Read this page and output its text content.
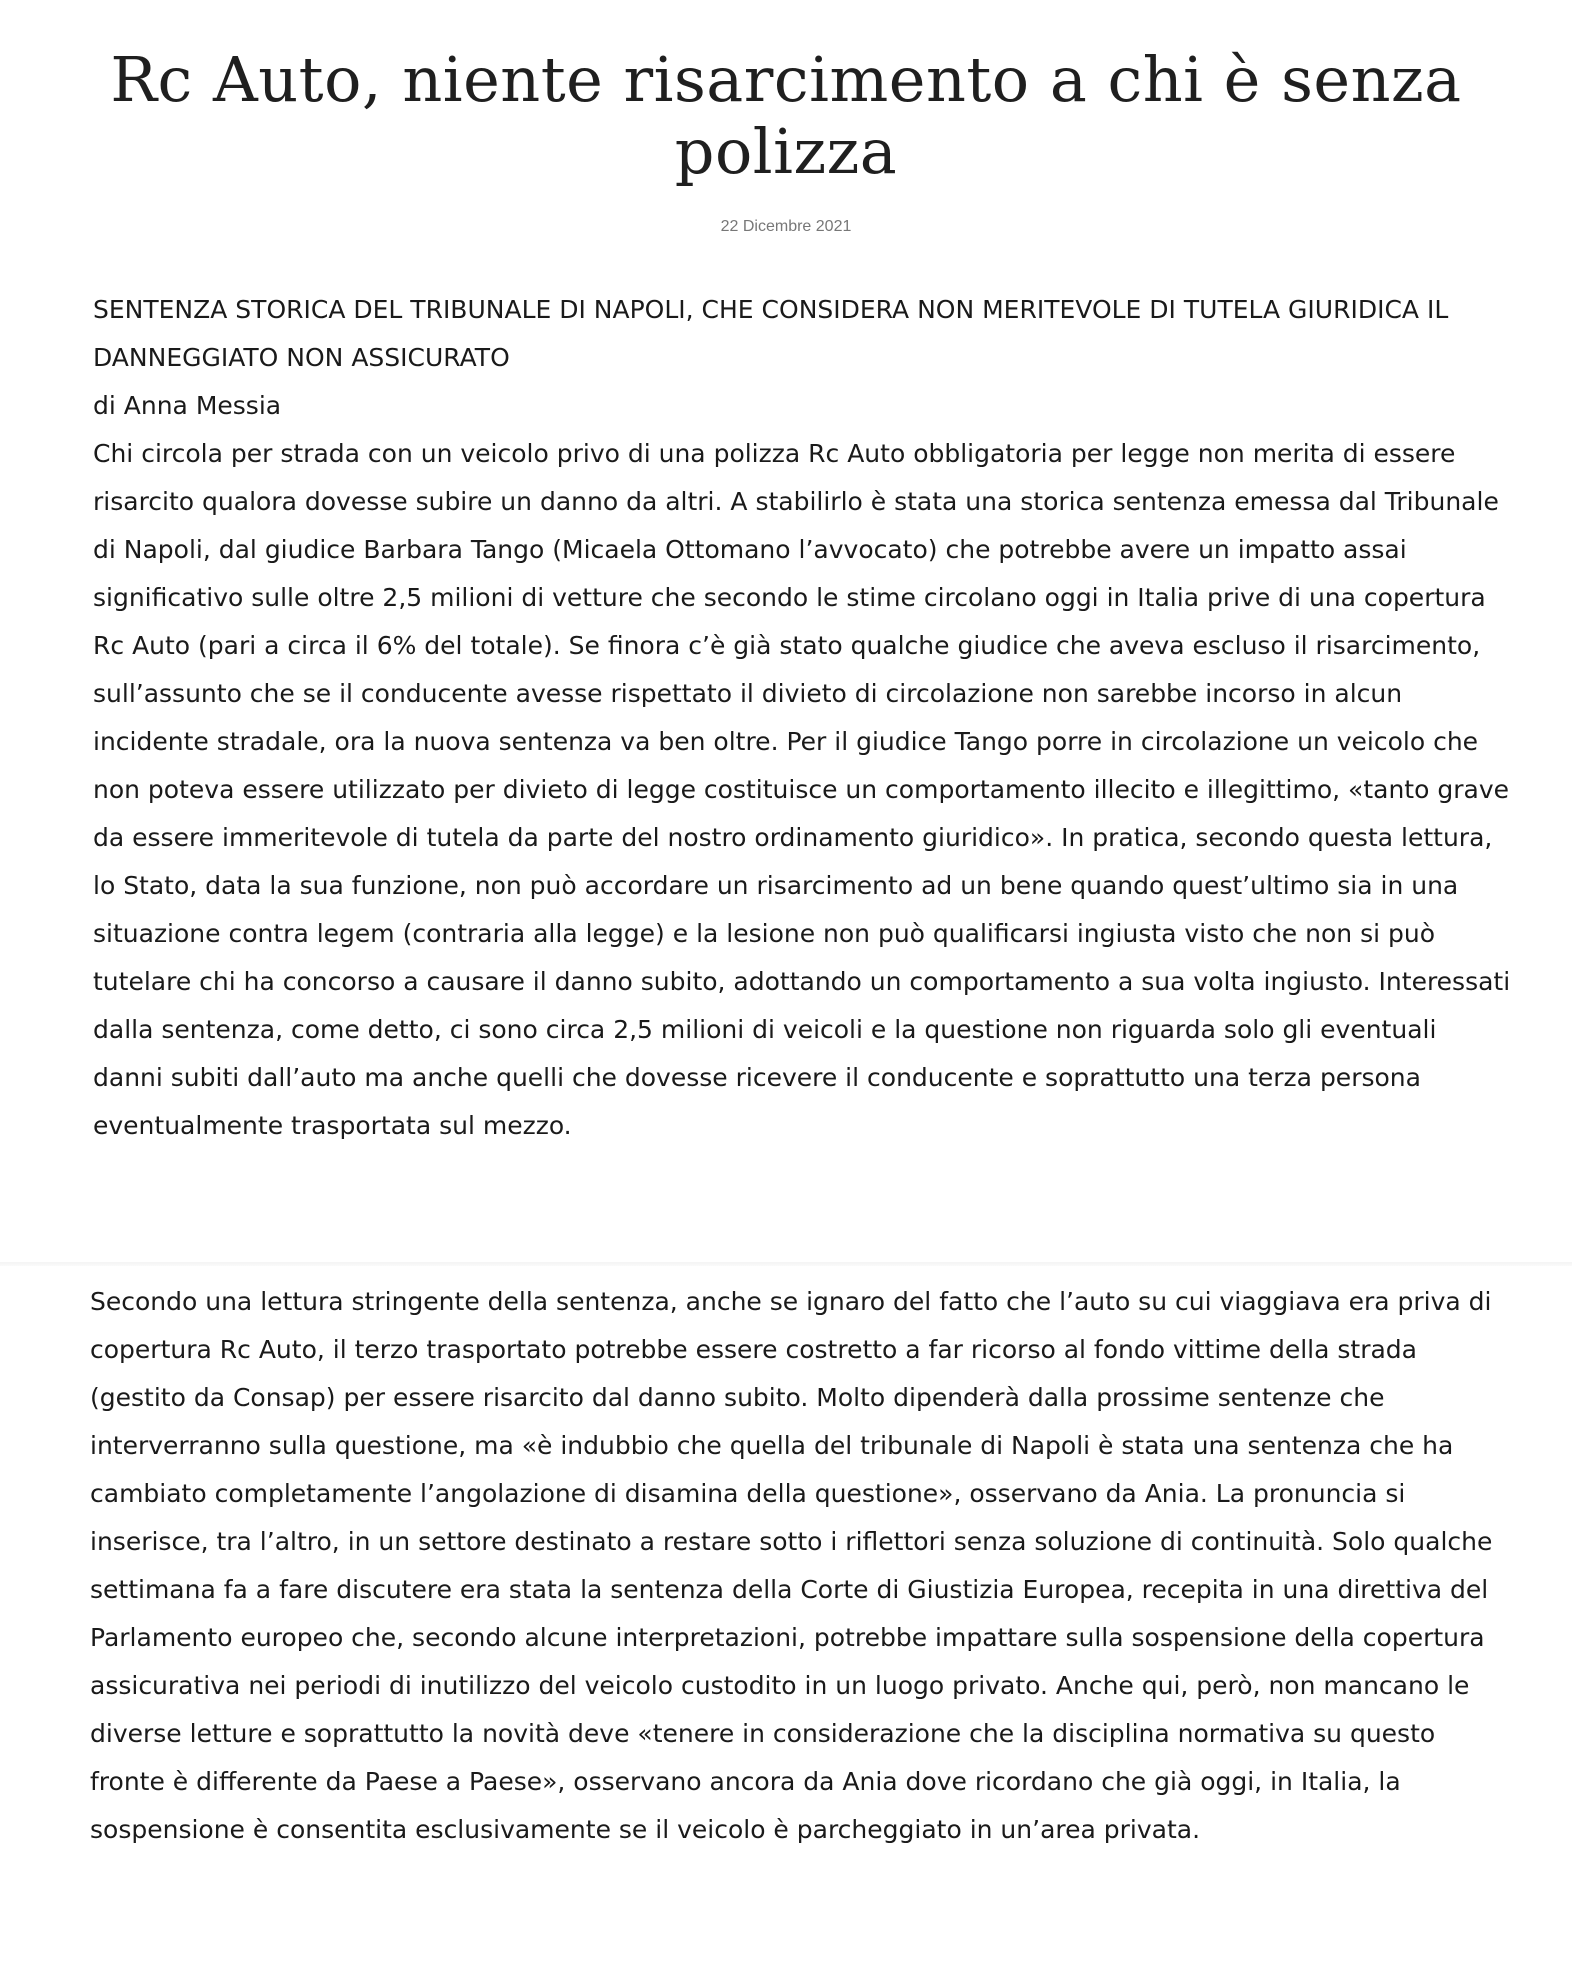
Rc Auto, niente risarcimento a chi è senza polizza
22 Dicembre 2021

SENTENZA STORICA DEL TRIBUNALE DI NAPOLI, CHE CONSIDERA NON MERITEVOLE DI TUTELA GIURIDICA IL DANNEGGIATO NON ASSICURATO

di Anna Messia

Chi circola per strada con un veicolo privo di una polizza Rc Auto obbligatoria per legge non merita di essere risarcito qualora dovesse subire un danno da altri. A stabilirlo è stata una storica sentenza emessa dal Tribunale di Napoli, dal giudice Barbara Tango (Micaela Ottomano l’avvocato) che potrebbe avere un impatto assai significativo sulle oltre 2,5 milioni di vetture che secondo le stime circolano oggi in Italia prive di una copertura Rc Auto (pari a circa il 6% del totale). Se finora c’è già stato qualche giudice che aveva escluso il risarcimento, sull’assunto che se il conducente avesse rispettato il divieto di circolazione non sarebbe incorso in alcun incidente stradale, ora la nuova sentenza va ben oltre. Per il giudice Tango porre in circolazione un veicolo che non poteva essere utilizzato per divieto di legge costituisce un comportamento illecito e illegittimo, «tanto grave da essere immeritevole di tutela da parte del nostro ordinamento giuridico». In pratica, secondo questa lettura, lo Stato, data la sua funzione, non può accordare un risarcimento ad un bene quando quest’ultimo sia in una situazione contra legem (contraria alla legge) e la lesione non può qualificarsi ingiusta visto che non si può tutelare chi ha concorso a causare il danno subito, adottando un comportamento a sua volta ingiusto. Interessati dalla sentenza, come detto, ci sono circa 2,5 milioni di veicoli e la questione non riguarda solo gli eventuali danni subiti dall’auto ma anche quelli che dovesse ricevere il conducente e soprattutto una terza persona eventualmente trasportata sul mezzo.

Secondo una lettura stringente della sentenza, anche se ignaro del fatto che l’auto su cui viaggiava era priva di copertura Rc Auto, il terzo trasportato potrebbe essere costretto a far ricorso al fondo vittime della strada (gestito da Consap) per essere risarcito dal danno subito. Molto dipenderà dalla prossime sentenze che interverranno sulla questione, ma «è indubbio che quella del tribunale di Napoli è stata una sentenza che ha cambiato completamente l’angolazione di disamina della questione», osservano da Ania. La pronuncia si inserisce, tra l’altro, in un settore destinato a restare sotto i riflettori senza soluzione di continuità. Solo qualche settimana fa a fare discutere era stata la sentenza della Corte di Giustizia Europea, recepita in una direttiva del Parlamento europeo che, secondo alcune interpretazioni, potrebbe impattare sulla sospensione della copertura assicurativa nei periodi di inutilizzo del veicolo custodito in un luogo privato. Anche qui, però, non mancano le diverse letture e soprattutto la novità deve «tenere in considerazione che la disciplina normativa su questo fronte è differente da Paese a Paese», osservano ancora da Ania dove ricordano che già oggi, in Italia, la sospensione è consentita esclusivamente se il veicolo è parcheggiato in un’area privata.
